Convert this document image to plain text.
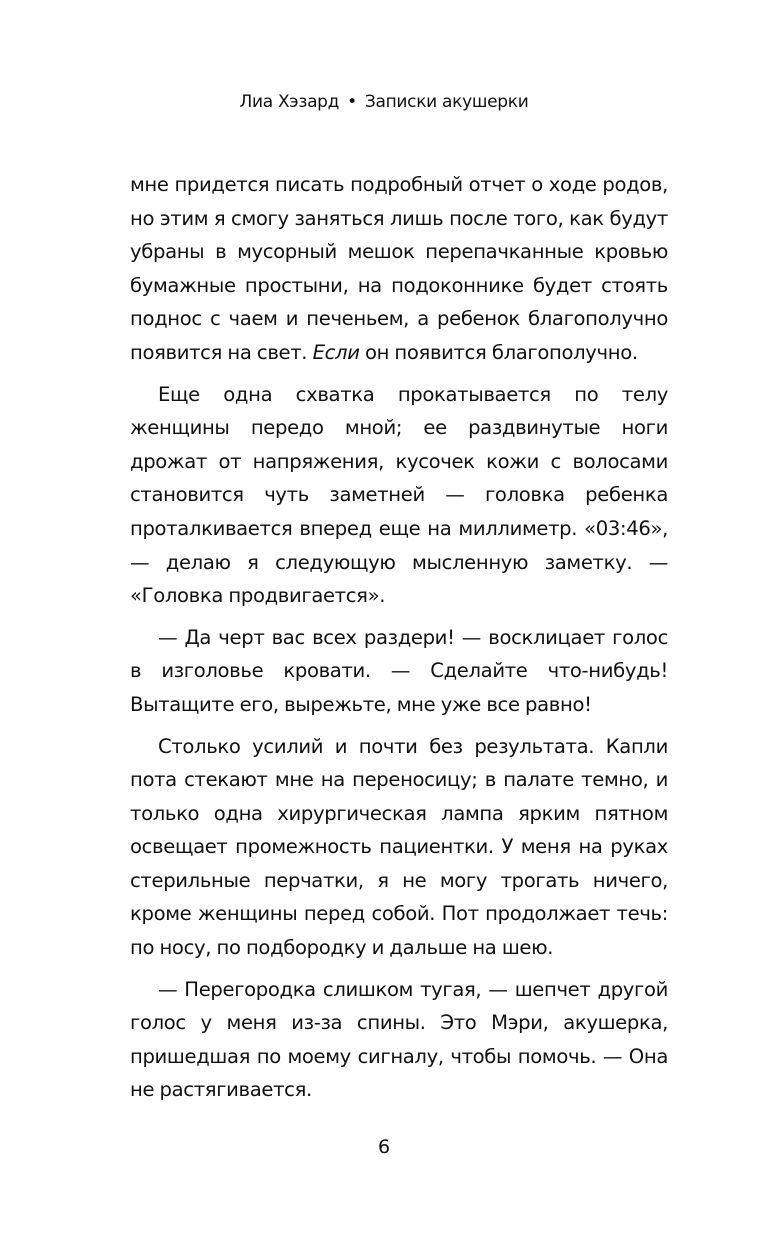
Лиа Хэзард • Записки акушерки

мне придется писать подробный отчет о ходе родов, но этим я смогу заняться лишь после того, как будут убраны в мусорный мешок перепачканные кровью бумажные простыни, на подоконнике будет стоять поднос с чаем и печеньем, а ребенок благополучно появится на свет. Если он появится благополучно.

Еще одна схватка прокатывается по телу женщины передо мной; ее раздвинутые ноги дрожат от напряжения, кусочек кожи с волосами становится чуть заметней — головка ребенка проталкивается вперед еще на миллиметр. «03:46», — делаю я следующую мысленную заметку. — «Головка продвигается».

— Да черт вас всех раздери! — восклицает голос в изголовье кровати. — Сделайте что-нибудь! Вытащите его, вырежьте, мне уже все равно!

Столько усилий и почти без результата. Капли пота стекают мне на переносицу; в палате темно, и только одна хирургическая лампа ярким пятном освещает промежность пациентки. У меня на руках стерильные перчатки, я не могу трогать ничего, кроме женщины перед собой. Пот продолжает течь: по носу, по подбородку и дальше на шею.

— Перегородка слишком тугая, — шепчет другой голос у меня из-за спины. Это Мэри, акушерка, пришедшая по моему сигналу, чтобы помочь. — Она не растягивается.

6
